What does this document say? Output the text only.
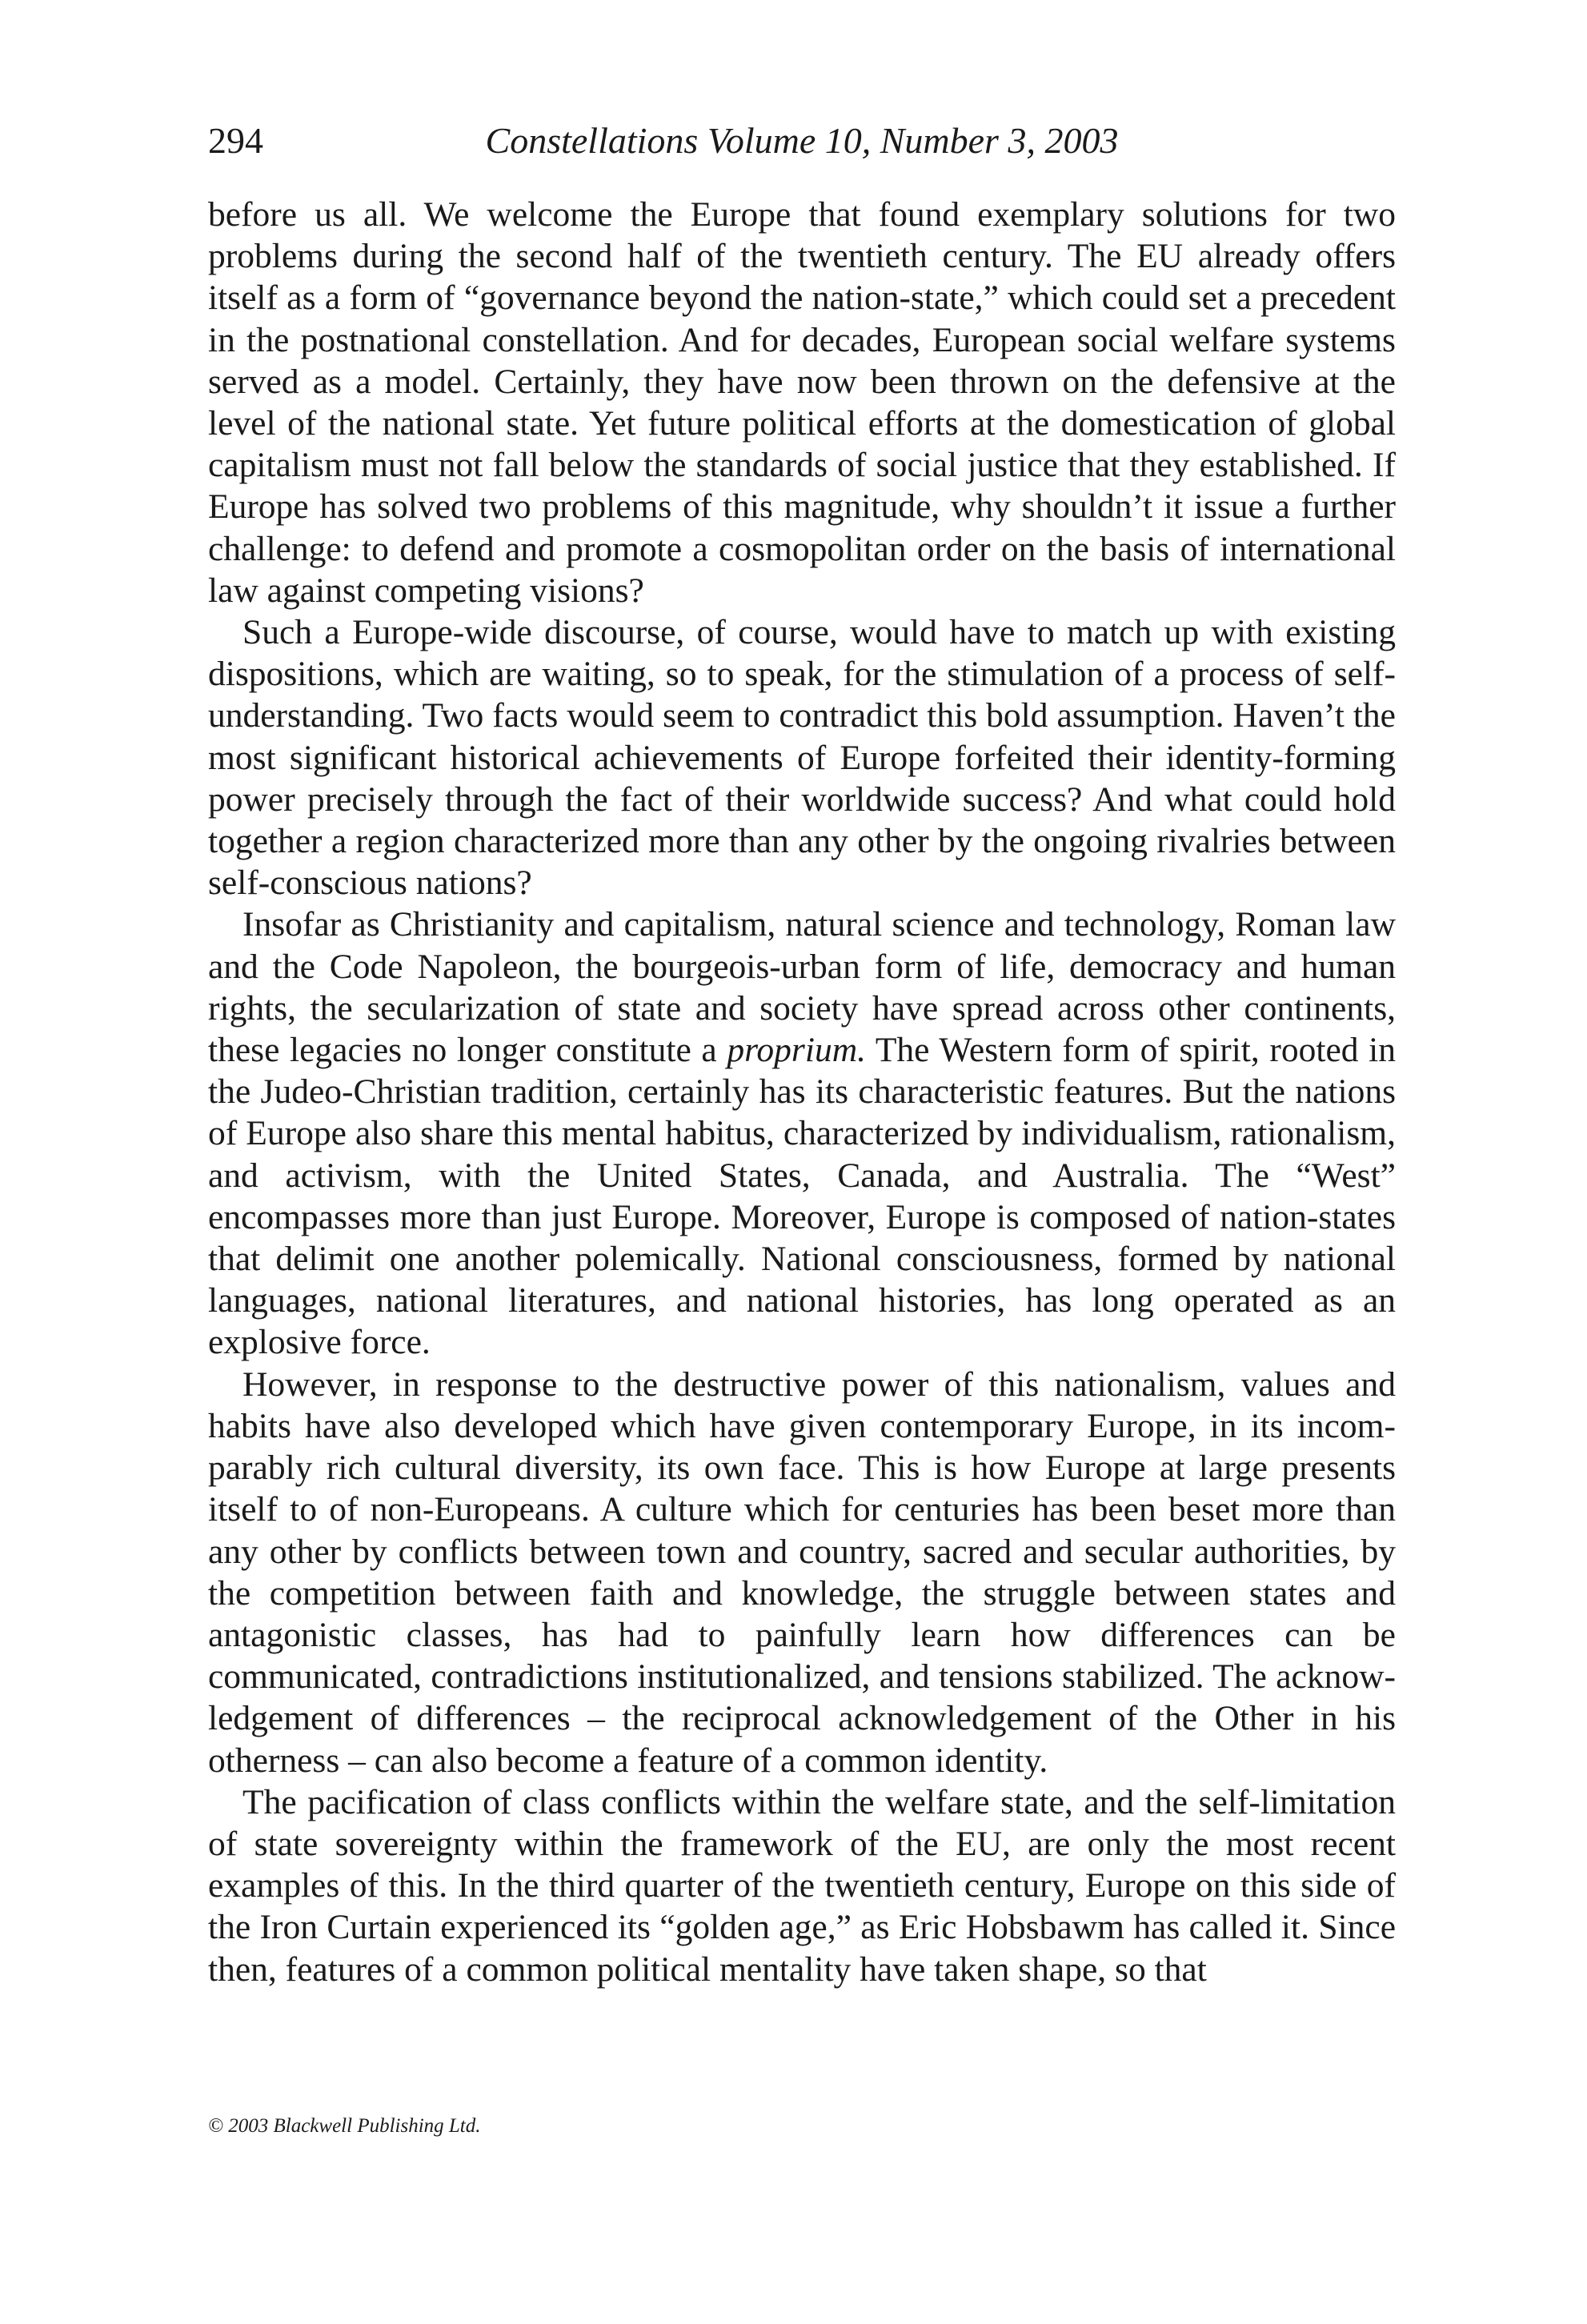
294	Constellations Volume 10, Number 3, 2003

before us all. We welcome the Europe that found exemplary solutions for two problems during the second half of the twentieth century. The EU already offers itself as a form of “governance beyond the nation-state,” which could set a precedent in the postnational constellation. And for decades, European social welfare systems served as a model. Certainly, they have now been thrown on the defensive at the level of the national state. Yet future political efforts at the domestication of global capitalism must not fall below the standards of social justice that they established. If Europe has solved two problems of this magnitude, why shouldn’t it issue a further challenge: to defend and promote a cosmopolitan order on the basis of international law against competing visions?

Such a Europe-wide discourse, of course, would have to match up with existing dispositions, which are waiting, so to speak, for the stimulation of a process of self-understanding. Two facts would seem to contradict this bold assumption. Haven’t the most significant historical achievements of Europe forfeited their identity-forming power precisely through the fact of their worldwide success? And what could hold together a region characterized more than any other by the ongoing rivalries between self-conscious nations?

Insofar as Christianity and capitalism, natural science and technology, Roman law and the Code Napoleon, the bourgeois-urban form of life, democracy and human rights, the secularization of state and society have spread across other continents, these legacies no longer constitute a proprium. The Western form of spirit, rooted in the Judeo-Christian tradition, certainly has its characteristic features. But the nations of Europe also share this mental habitus, characterized by individualism, rationalism, and activism, with the United States, Canada, and Australia. The “West” encompasses more than just Europe. Moreover, Europe is composed of nation-states that delimit one another polemically. National consciousness, formed by national languages, national literatures, and national histories, has long operated as an explosive force.

However, in response to the destructive power of this nationalism, values and habits have also developed which have given contemporary Europe, in its incomparably rich cultural diversity, its own face. This is how Europe at large presents itself to of non-Europeans. A culture which for centuries has been beset more than any other by conflicts between town and country, sacred and secular authorities, by the competition between faith and knowledge, the struggle between states and antagonistic classes, has had to painfully learn how differences can be communicated, contradictions institutionalized, and tensions stabilized. The acknowledgement of differences – the reciprocal acknowledgement of the Other in his otherness – can also become a feature of a common identity.

The pacification of class conflicts within the welfare state, and the self-limitation of state sovereignty within the framework of the EU, are only the most recent examples of this. In the third quarter of the twentieth century, Europe on this side of the Iron Curtain experienced its “golden age,” as Eric Hobsbawm has called it. Since then, features of a common political mentality have taken shape, so that

© 2003 Blackwell Publishing Ltd.
